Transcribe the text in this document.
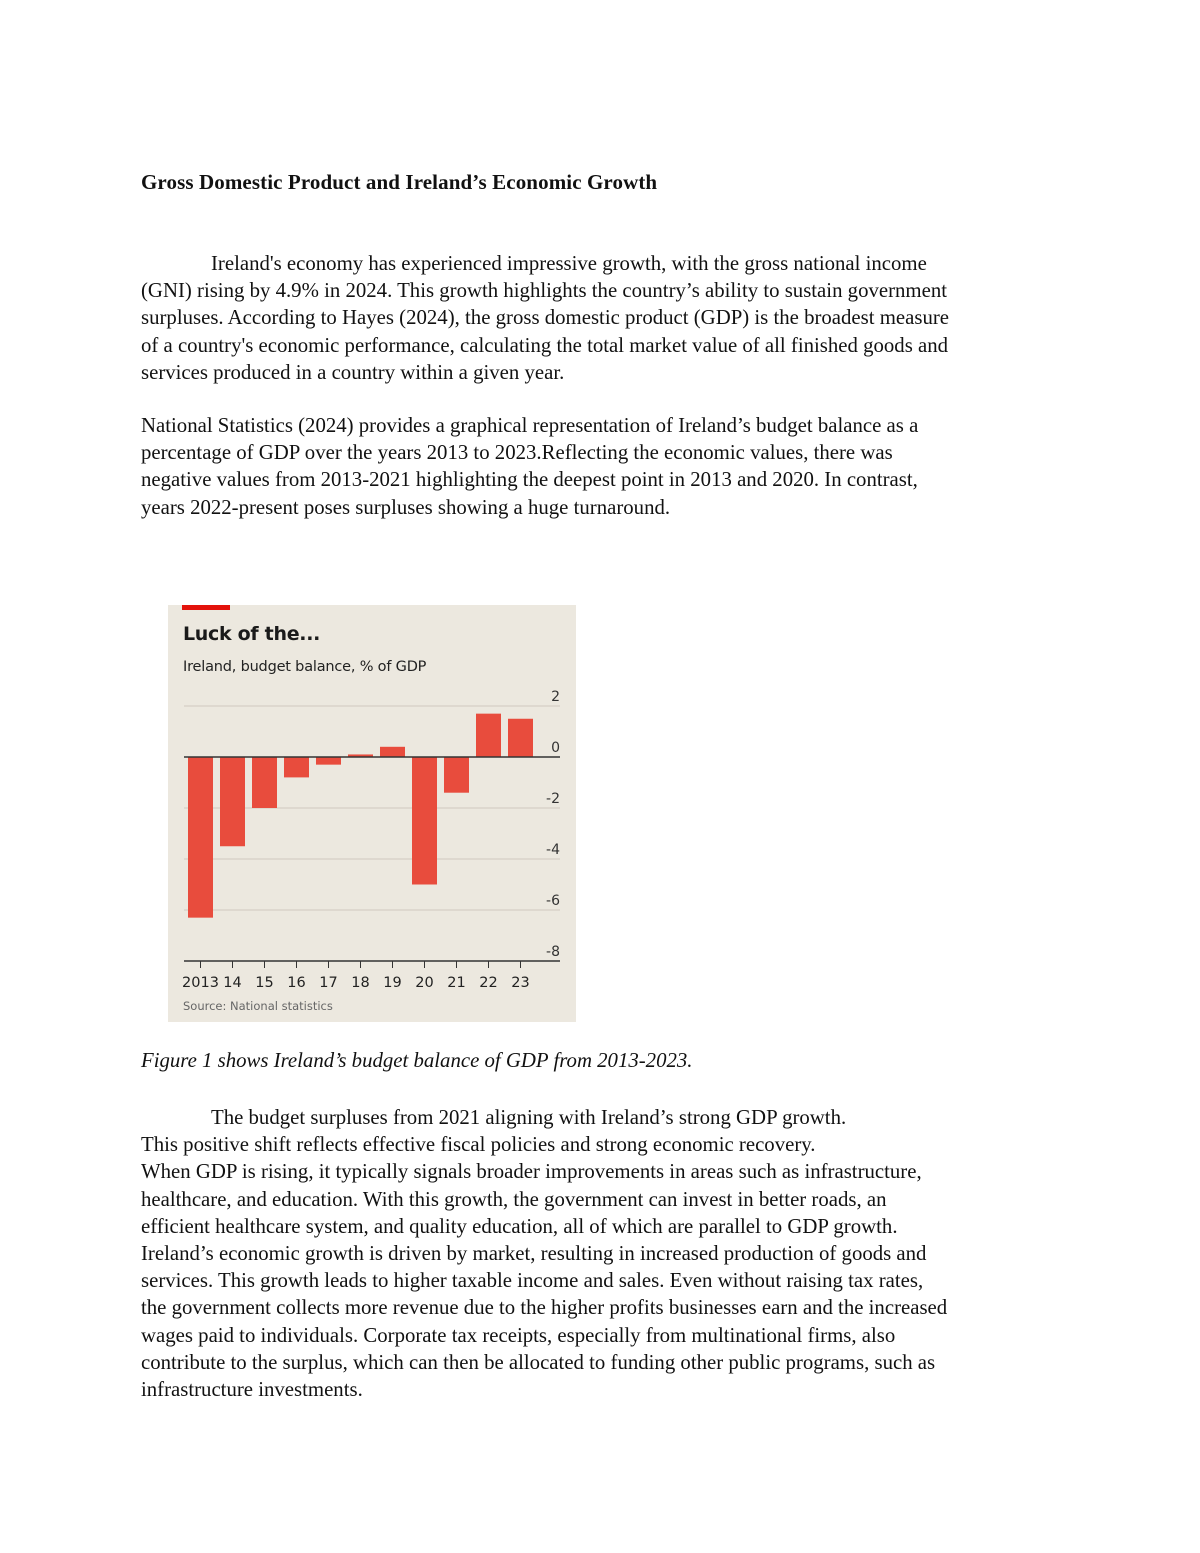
Gross Domestic Product and Ireland’s Economic Growth
Ireland's economy has experienced impressive growth, with the gross national income
(GNI) rising by 4.9% in 2024. This growth highlights the country’s ability to sustain government
surpluses. According to Hayes (2024), the gross domestic product (GDP) is the broadest measure
of a country's economic performance, calculating the total market value of all finished goods and
services produced in a country within a given year.
National Statistics (2024) provides a graphical representation of Ireland’s budget balance as a
percentage of GDP over the years 2013 to 2023.Reflecting the economic values, there was
negative values from 2013-2021 highlighting the deepest point in 2013 and 2020. In contrast,
years 2022-present poses surpluses showing a huge turnaround.
2
0
-2
-4
-6
-8
2013 14 15 16 17 18 19 20 21 22 23
Luck of the...
Ireland, budget balance, % of GDP
Source: National statistics
Figure 1 shows Ireland’s budget balance of GDP from 2013-2023.
The budget surpluses from 2021 aligning with Ireland’s strong GDP growth.
This positive shift reflects effective fiscal policies and strong economic recovery.
When GDP is rising, it typically signals broader improvements in areas such as infrastructure,
healthcare, and education. With this growth, the government can invest in better roads, an
efficient healthcare system, and quality education, all of which are parallel to GDP growth.
Ireland’s economic growth is driven by market, resulting in increased production of goods and
services. This growth leads to higher taxable income and sales. Even without raising tax rates,
the government collects more revenue due to the higher profits businesses earn and the increased
wages paid to individuals. Corporate tax receipts, especially from multinational firms, also
contribute to the surplus, which can then be allocated to funding other public programs, such as
infrastructure investments.
